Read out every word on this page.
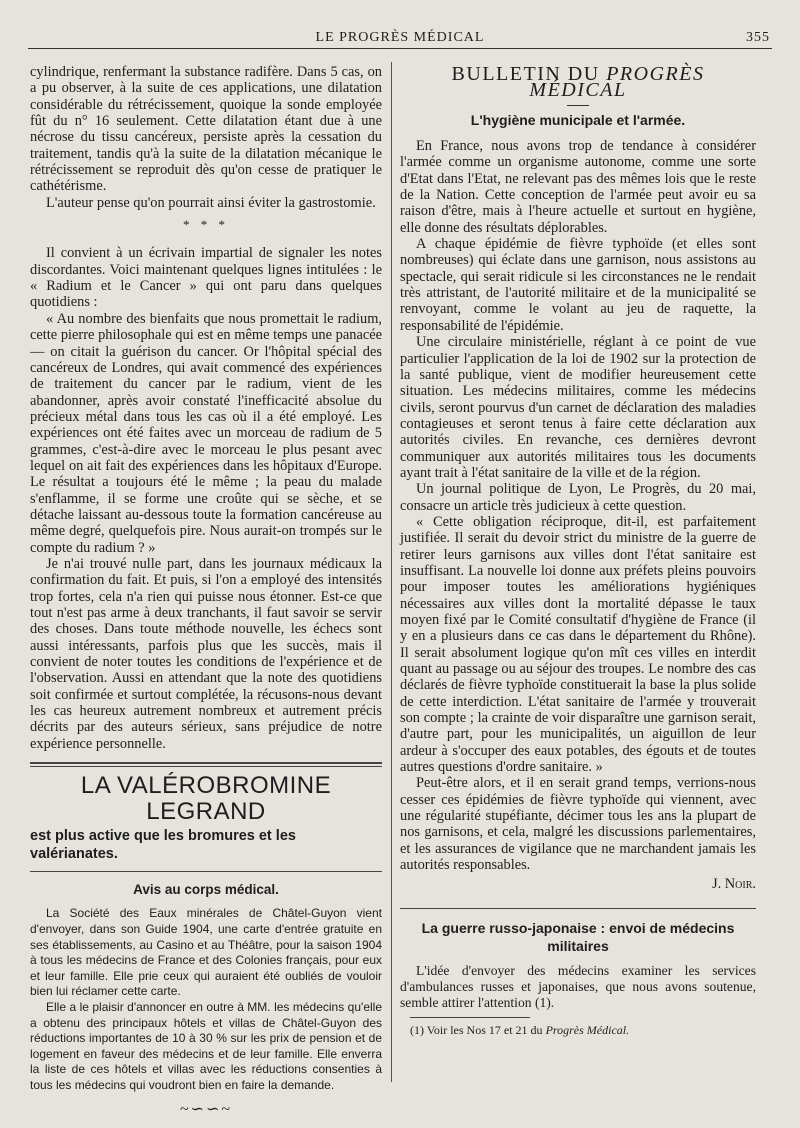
LE PROGRÈS MÉDICAL	355

cylindrique, renfermant la substance radifère. Dans 5 cas, on a pu observer, à la suite de ces applications, une dilatation considérable du rétrécissement, quoique la sonde employée fût du n° 16 seulement. Cette dilatation étant due à une nécrose du tissu cancéreux, persiste après la cessation du traitement, tandis qu'à la suite de la dilatation mécanique le rétrécissement se reproduit dès qu'on cesse de pratiquer le cathétérisme.

L'auteur pense qu'on pourrait ainsi éviter la gastrostomie.

* * *

Il convient à un écrivain impartial de signaler les notes discordantes. Voici maintenant quelques lignes intitulées : le « Radium et le Cancer » qui ont paru dans quelques quotidiens :

« Au nombre des bienfaits que nous promettait le radium, cette pierre philosophale qui est en même temps une panacée — on citait la guérison du cancer. Or l'hôpital spécial des cancéreux de Londres, qui avait commencé des expériences de traitement du cancer par le radium, vient de les abandonner, après avoir constaté l'inefficacité absolue du précieux métal dans tous les cas où il a été employé. Les expériences ont été faites avec un morceau de radium de 5 grammes, c'est-à-dire avec le morceau le plus pesant avec lequel on ait fait des expériences dans les hôpitaux d'Europe. Le résultat a toujours été le même ; la peau du malade s'enflamme, il se forme une croûte qui se sèche, et se détache laissant au-dessous toute la formation cancéreuse au même degré, quelquefois pire. Nous aurait-on trompés sur le compte du radium ? »

Je n'ai trouvé nulle part, dans les journaux médicaux la confirmation du fait. Et puis, si l'on a employé des intensités trop fortes, cela n'a rien qui puisse nous étonner. Est-ce que tout n'est pas arme à deux tranchants, il faut savoir se servir des choses. Dans toute méthode nouvelle, les échecs sont aussi intéressants, parfois plus que les succès, mais il convient de noter toutes les conditions de l'expérience et de l'observation. Aussi en attendant que la note des quotidiens soit confirmée et surtout complétée, la récusons-nous devant les cas heureux autrement nombreux et autrement précis décrits par des auteurs sérieux, sans préjudice de notre expérience personnelle.

LA VALÉROBROMINE LEGRAND
est plus active que les bromures et les valérianates.
Avis au corps médical.

La Société des Eaux minérales de Châtel-Guyon vient d'envoyer, dans son Guide 1904, une carte d'entrée gratuite en ses établissements, au Casino et au Théâtre, pour la saison 1904 à tous les médecins de France et des Colonies français, pour eux et leur famille. Elle prie ceux qui auraient été oubliés de vouloir bien lui réclamer cette carte.

Elle a le plaisir d'annoncer en outre à MM. les médecins qu'elle a obtenu des principaux hôtels et villas de Châtel-Guyon des réductions importantes de 10 à 30 % sur les prix de pension et de logement en faveur des médecins et de leur famille. Elle enverra la liste de ces hôtels et villas avec les réductions consenties à tous les médecins qui voudront bien en faire la demande.

~∽∽~
BULLETIN DU PROGRÈS MÉDICAL
L'hygiène municipale et l'armée.

En France, nous avons trop de tendance à considérer l'armée comme un organisme autonome, comme une sorte d'Etat dans l'Etat, ne relevant pas des mêmes lois que le reste de la Nation. Cette conception de l'armée peut avoir eu sa raison d'être, mais à l'heure actuelle et surtout en hygiène, elle donne des résultats déplorables.

A chaque épidémie de fièvre typhoïde (et elles sont nombreuses) qui éclate dans une garnison, nous assistons au spectacle, qui serait ridicule si les circonstances ne le rendait très attristant, de l'autorité militaire et de la municipalité se renvoyant, comme le volant au jeu de raquette, la responsabilité de l'épidémie.

Une circulaire ministérielle, réglant à ce point de vue particulier l'application de la loi de 1902 sur la protection de la santé publique, vient de modifier heureusement cette situation. Les médecins militaires, comme les médecins civils, seront pourvus d'un carnet de déclaration des maladies contagieuses et seront tenus à faire cette déclaration aux autorités civiles. En revanche, ces dernières devront communiquer aux autorités militaires tous les documents ayant trait à l'état sanitaire de la ville et de la région.

Un journal politique de Lyon, Le Progrès, du 20 mai, consacre un article très judicieux à cette question.

« Cette obligation réciproque, dit-il, est parfaitement justifiée. Il serait du devoir strict du ministre de la guerre de retirer leurs garnisons aux villes dont l'état sanitaire est insuffisant. La nouvelle loi donne aux préfets pleins pouvoirs pour imposer toutes les améliorations hygiéniques nécessaires aux villes dont la mortalité dépasse le taux moyen fixé par le Comité consultatif d'hygiène de France (il y en a plusieurs dans ce cas dans le département du Rhône). Il serait absolument logique qu'on mît ces villes en interdit quant au passage ou au séjour des troupes. Le nombre des cas déclarés de fièvre typhoïde constituerait la base la plus solide de cette interdiction. L'état sanitaire de l'armée y trouverait son compte ; la crainte de voir disparaître une garnison serait, d'autre part, pour les municipalités, un aiguillon de leur ardeur à s'occuper des eaux potables, des égouts et de toutes autres questions d'ordre sanitaire. »

Peut-être alors, et il en serait grand temps, verrions-nous cesser ces épidémies de fièvre typhoïde qui viennent, avec une régularité stupéfiante, décimer tous les ans la plupart de nos garnisons, et cela, malgré les discussions parlementaires, et les assurances de vigilance que ne marchandent jamais les autorités responsables.

J. Noir.
La guerre russo-japonaise : envoi de médecins militaires

L'idée d'envoyer des médecins examiner les services d'ambulances russes et japonaises, que nous avons soutenue, semble attirer l'attention (1).

(1) Voir les Nos 17 et 21 du Progrès Médical.
